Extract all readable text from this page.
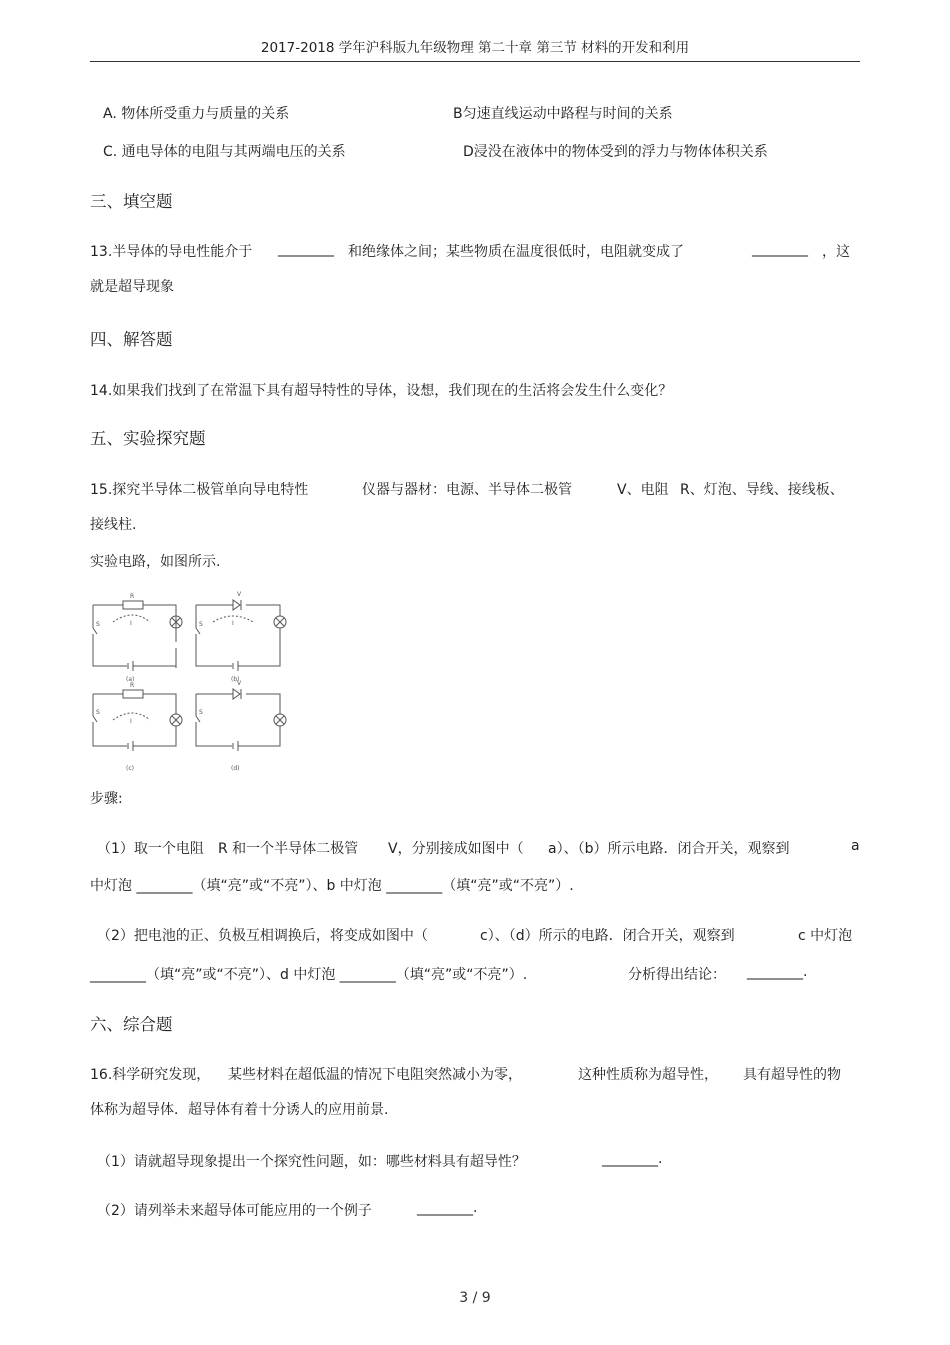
2017-2018 学年沪科版九年级物理 第二十章 第三节 材料的开发和利用
A. 物体所受重力与质量的关系	B匀速直线运动中路程与时间的关系
C. 通电导体的电阻与其两端电压的关系	D浸没在液体中的物体受到的浮力与物体体积关系
三、填空题
13.半导体的导电性能介于 ________ 和绝缘体之间；某些物质在温度很低时，电阻就变成了	________ ，这
就是超导现象
四、解答题
14.如果我们找到了在常温下具有超导特性的导体，设想，我们现在的生活将会发生什么变化？
五、实验探究题
15.探究半导体二极管单向导电特性	仪器与器材：电源、半导体二极管	V、电阻 R、灯泡、导线、接线板、
接线柱.
实验电路，如图所示.
R	V
R	V
(a)	(b)
(c)	(d)
S	S
S	S
I	I
I
步骤:
（1）取一个电阻 R 和一个半导体二极管 V，分别接成如图中（ a）、（b）所示电路．闭合开关，观察到	a
中灯泡 ________（填“亮”或“不亮”）、b 中灯泡 ________（填“亮”或“不亮”）.
（2）把电池的正、负极互相调换后，将变成如图中（	c）、（d）所示的电路．闭合开关，观察到	c 中灯泡
________（填“亮”或“不亮”）、d 中灯泡 ________（填“亮”或“不亮”）.	分析得出结论： ________.
六、综合题
16.科学研究发现， 某些材料在超低温的情况下电阻突然减小为零，	这种性质称为超导性， 具有超导性的物
体称为超导体．超导体有着十分诱人的应用前景.
（1）请就超导现象提出一个探究性问题，如：哪些材料具有超导性？	________.
（2）请列举未来超导体可能应用的一个例子	________.
3 / 9
